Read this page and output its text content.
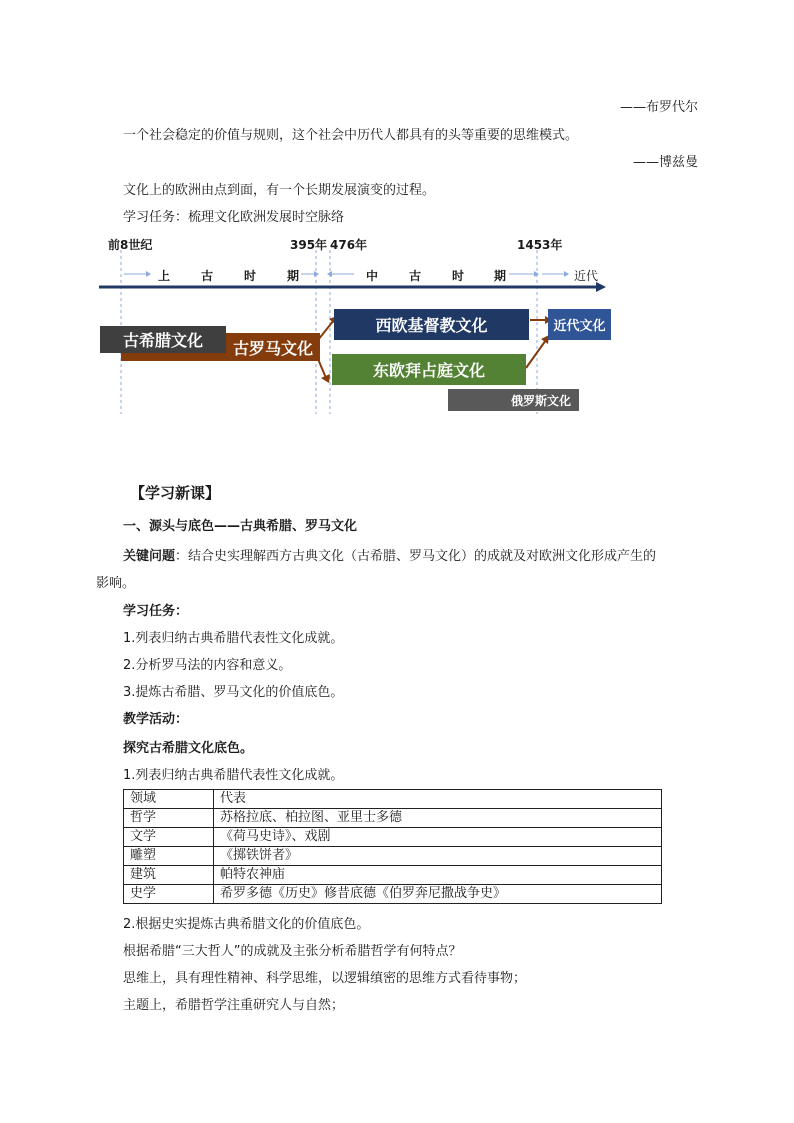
——布罗代尔
一个社会稳定的价值与规则，这个社会中历代人都具有的头等重要的思维模式。
——博兹曼
文化上的欧洲由点到面，有一个长期发展演变的过程。
学习任务：梳理文化欧洲发展时空脉络
前8世纪	395年 476年	1453年
上	古	时	期	中	古	时 期	近代
古希腊文化	古罗马文化
西欧基督教文化
东欧拜占庭文化
近代文化
俄罗斯文化
【学习新课】
一、源头与底色——古典希腊、罗马文化
关键问题：结合史实理解西方古典文化（古希腊、罗马文化）的成就及对欧洲文化形成产生的
影响。
学习任务：
1.列表归纳古典希腊代表性文化成就。
2.分析罗马法的内容和意义。
3.提炼古希腊、罗马文化的价值底色。
教学活动：
探究古希腊文化底色。
1.列表归纳古典希腊代表性文化成就。
领域	代表
哲学	苏格拉底、柏拉图、亚里士多德
文学	《荷马史诗》、戏剧
雕塑	《掷铁饼者》
建筑	帕特农神庙
史学	希罗多德《历史》修昔底德《伯罗奔尼撒战争史》
2.根据史实提炼古典希腊文化的价值底色。
根据希腊“三大哲人”的成就及主张分析希腊哲学有何特点？
思维上，具有理性精神、科学思维，以逻辑缜密的思维方式看待事物；
主题上，希腊哲学注重研究人与自然；
